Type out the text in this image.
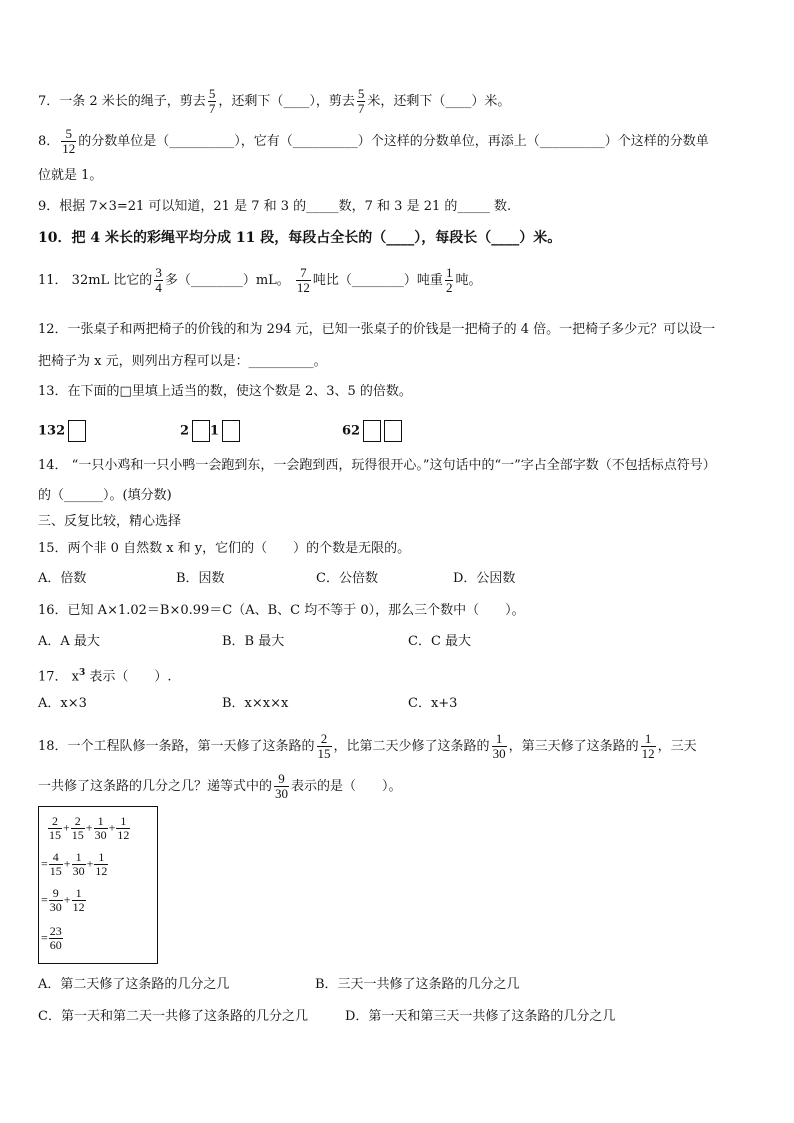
7．一条 2 米长的绳子，剪去 $\frac{5}{7}$ ，还剩下（____），剪去 $\frac{5}{7}$ 米，还剩下（____）米。
8． $\frac{5}{12}$ 的分数单位是（__________），它有（__________）个这样的分数单位，再添上（__________）个这样的分数单
位就是 1。
9．根据 7×3=21 可以知道，21 是 7 和 3 的_____数，7 和 3 是 21 的_____ 数.
10．把 4 米长的彩绳平均分成 11 段，每段占全长的（____），每段长（____）米。
11． 32mL 比它的 $\frac{3}{4}$ 多（________）mL。 $\frac{7}{12}$ 吨比（________）吨重 $\frac{1}{2}$ 吨。
12．一张桌子和两把椅子的价钱的和为 294 元，已知一张桌子的价钱是一把椅子的 4 倍。一把椅子多少元？可以设一
把椅子为 x 元，则列出方程可以是：__________。
13．在下面的□里填上适当的数，使这个数是 2、3、5 的倍数。
132	2 1	62
14． “一只小鸡和一只小鸭一会跑到东，一会跑到西，玩得很开心。”这句话中的“一”字占全部字数（不包括标点符号）
的（______）。(填分数)
三、反复比较，精心选择
15．两个非 0 自然数 x 和 y，它们的（　　）的个数是无限的。
A．倍数	B．因数	C．公倍数	D．公因数
16．已知 A×1.02＝B×0.99＝C（A、B、C 均不等于 0），那么三个数中（　　）。
A．A 最大	B．B 最大	C．C 最大
17． $x^3$ 表示（　　）.
A．x×3	B．x×x×x	C．x+3
18．一个工程队修一条路，第一天修了这条路的 $\frac{2}{15}$ ，比第二天少修了这条路的 $\frac{1}{30}$ ，第三天修了这条路的 $\frac{1}{12}$ ，三天
一共修了这条路的几分之几？递等式中的 $\frac{9}{30}$ 表示的是（　　）。
$\frac{2}{15} + \frac{2}{15} + \frac{1}{30} + \frac{1}{12}$
= $\frac{4}{15} + \frac{1}{30} + \frac{1}{12}$
= $\frac{9}{30} + \frac{1}{12}$
= $\frac{23}{60}$
A．第二天修了这条路的几分之几	B．三天一共修了这条路的几分之几
C．第一天和第二天一共修了这条路的几分之几	D．第一天和第三天一共修了这条路的几分之几
